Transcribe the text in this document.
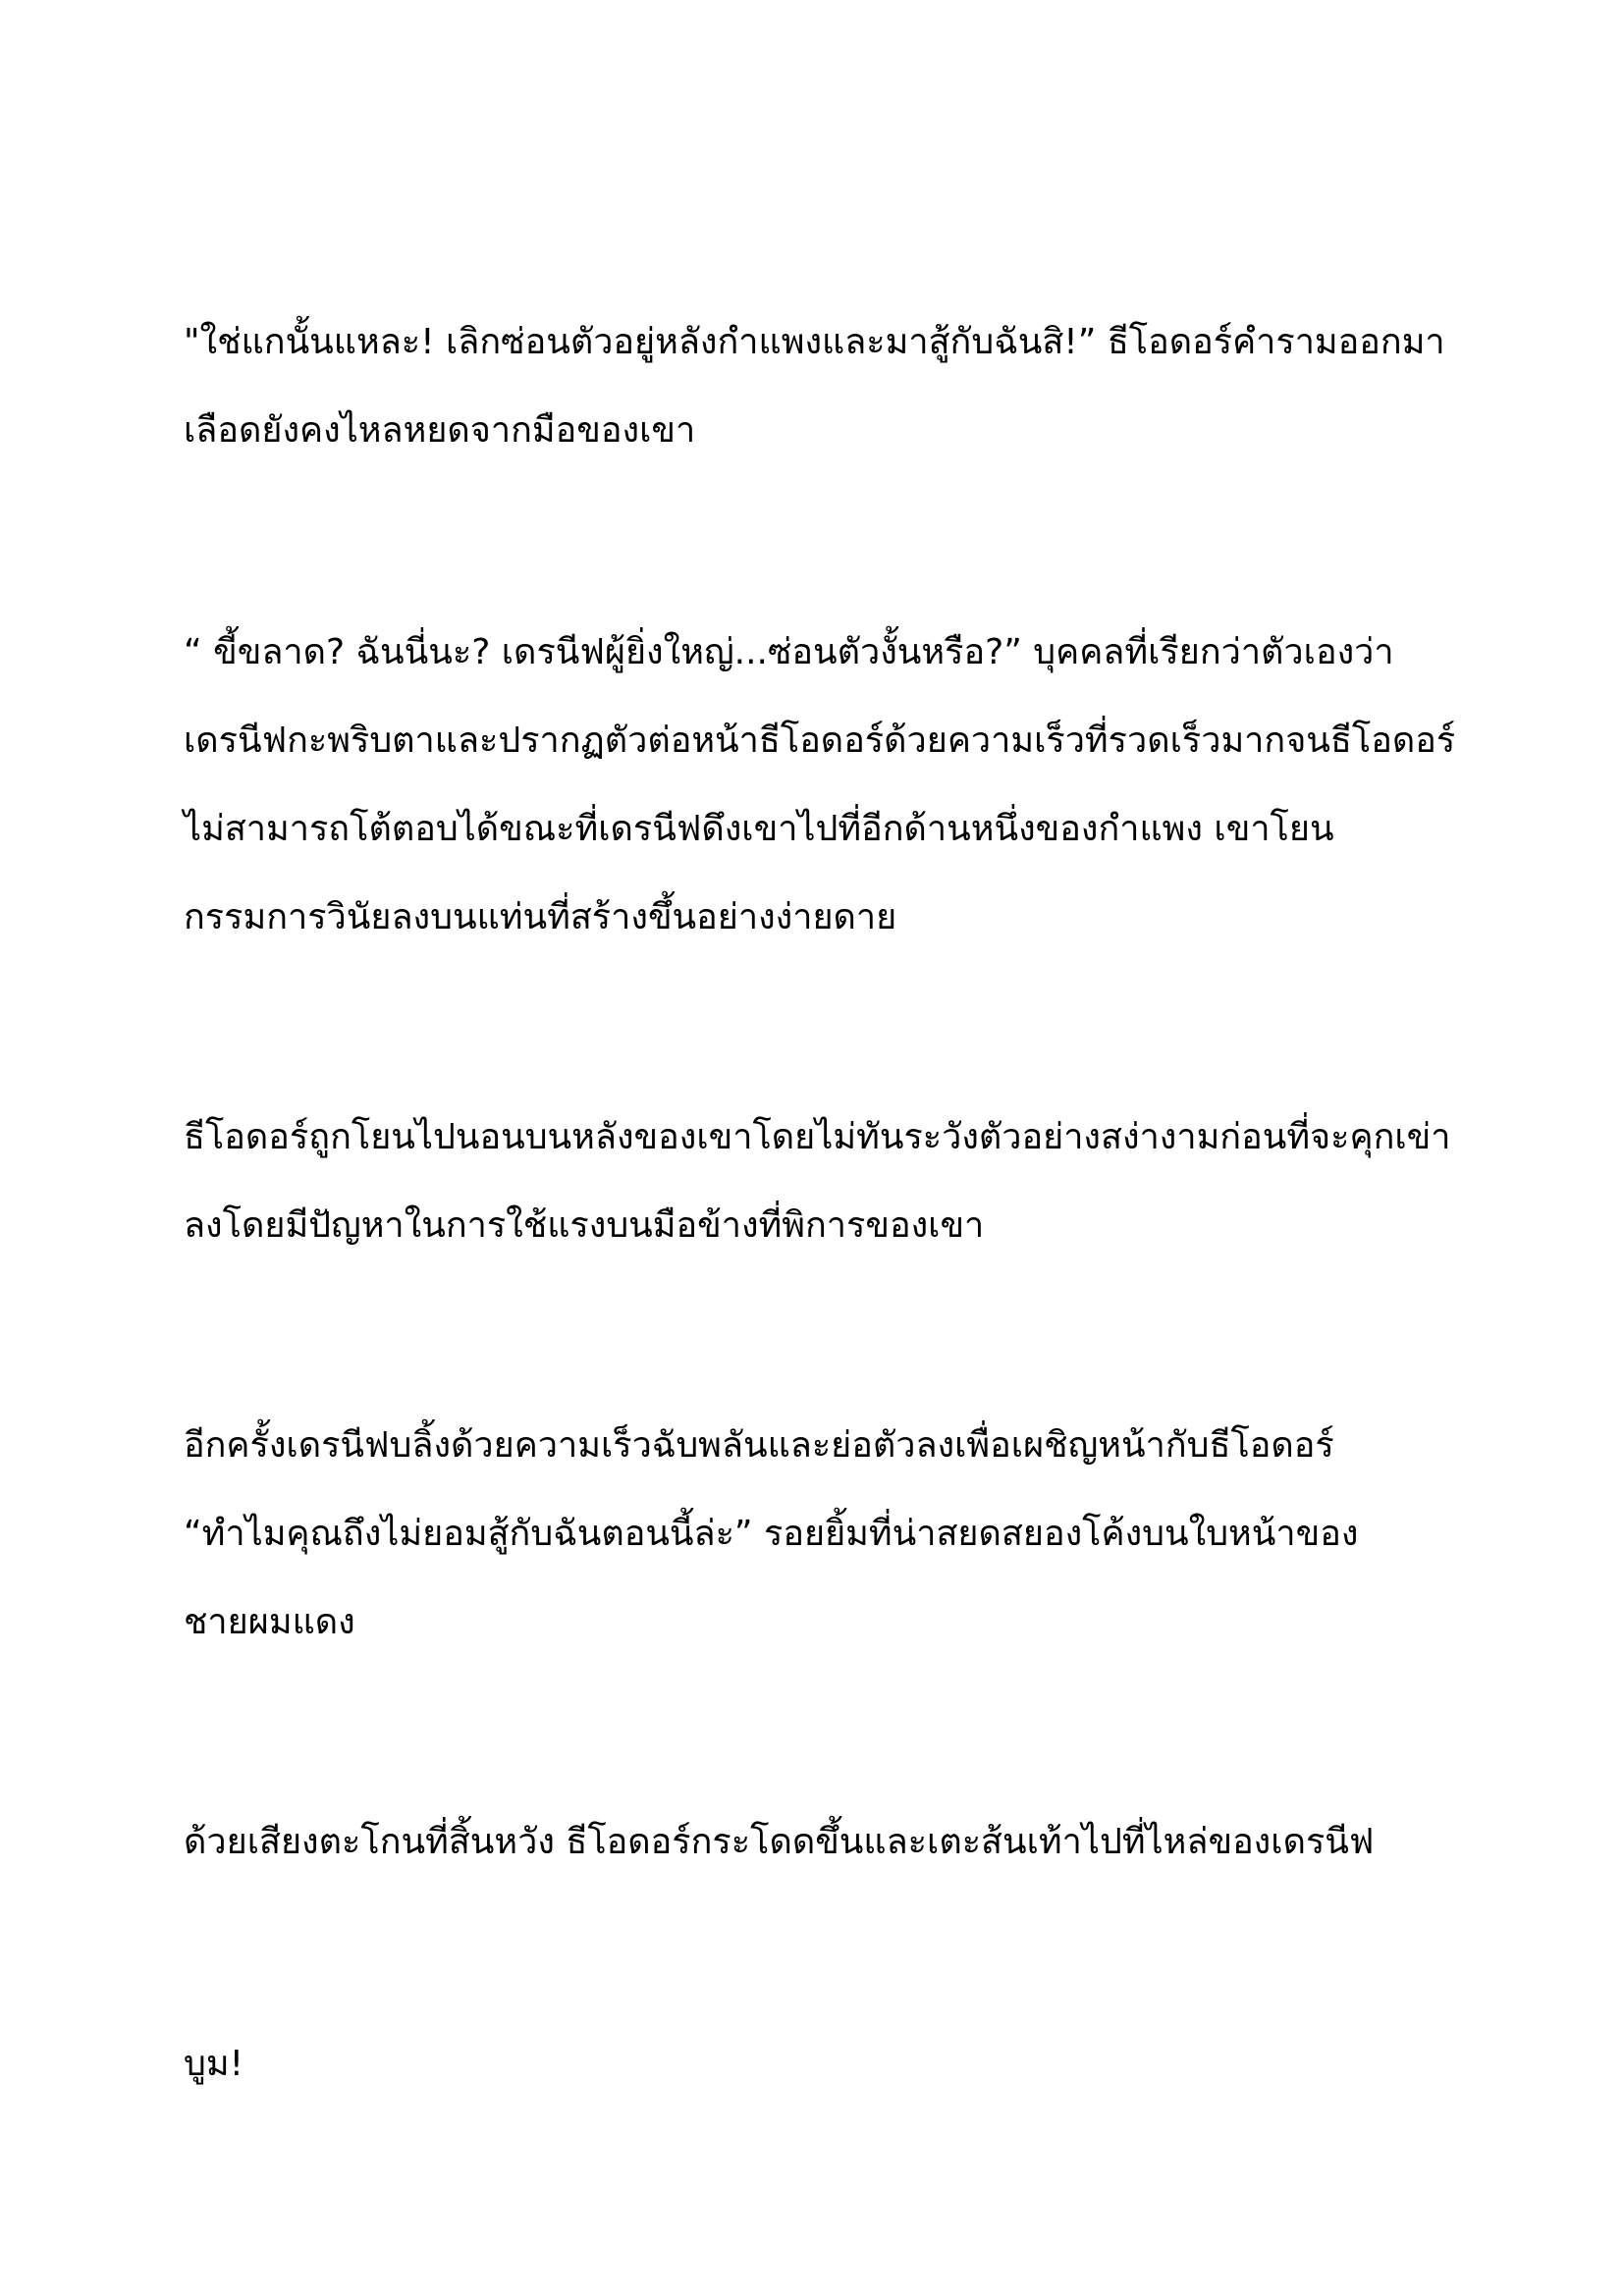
"ใช่แกนั้นแหละ! เลิกซ่อนตัวอยู่หลังกำแพงและมาสู้กับฉันสิ!” ธีโอดอร์คำรามออกมา
เลือดยังคงไหลหยดจากมือของเขา
“ ขี้ขลาด? ฉันนี่นะ? เดรนีฟผู้ยิ่งใหญ่...ซ่อนตัวงั้นหรือ?” บุคคลที่เรียกว่าตัวเองว่า
เดรนีฟกะพริบตาและปรากฏตัวต่อหน้าธีโอดอร์ด้วยความเร็วที่รวดเร็วมากจนธีโอดอร์
ไม่สามารถโต้ตอบได้ขณะที่เดรนีฟดึงเขาไปที่อีกด้านหนึ่งของกำแพง เขาโยน
กรรมการวินัยลงบนแท่นที่สร้างขึ้นอย่างง่ายดาย
ธีโอดอร์ถูกโยนไปนอนบนหลังของเขาโดยไม่ทันระวังตัวอย่างสง่างามก่อนที่จะคุกเข่า
ลงโดยมีปัญหาในการใช้แรงบนมือข้างที่พิการของเขา
อีกครั้งเดรนีฟบลิ้งด้วยความเร็วฉับพลันและย่อตัวลงเพื่อเผชิญหน้ากับธีโอดอร์
“ทำไมคุณถึงไม่ยอมสู้กับฉันตอนนี้ล่ะ” รอยยิ้มที่น่าสยดสยองโค้งบนใบหน้าของ
ชายผมแดง
ด้วยเสียงตะโกนที่สิ้นหวัง ธีโอดอร์กระโดดขึ้นและเตะส้นเท้าไปที่ไหล่ของเดรนีฟ
บูม!
